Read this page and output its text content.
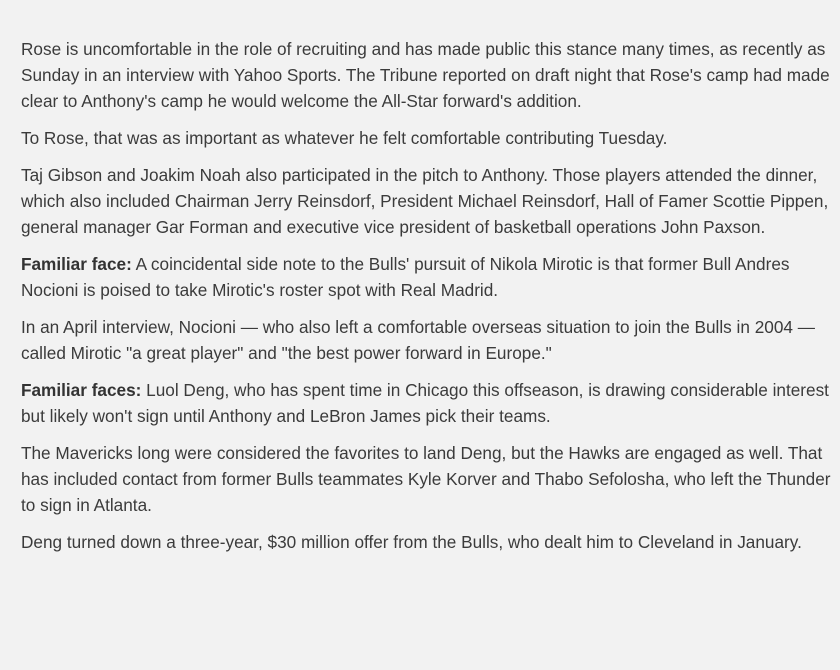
Rose is uncomfortable in the role of recruiting and has made public this stance many times, as recently as Sunday in an interview with Yahoo Sports. The Tribune reported on draft night that Rose's camp had made clear to Anthony's camp he would welcome the All-Star forward's addition.

To Rose, that was as important as whatever he felt comfortable contributing Tuesday.

Taj Gibson and Joakim Noah also participated in the pitch to Anthony. Those players attended the dinner, which also included Chairman Jerry Reinsdorf, President Michael Reinsdorf, Hall of Famer Scottie Pippen, general manager Gar Forman and executive vice president of basketball operations John Paxson.

Familiar face: A coincidental side note to the Bulls' pursuit of Nikola Mirotic is that former Bull Andres Nocioni is poised to take Mirotic's roster spot with Real Madrid.

In an April interview, Nocioni — who also left a comfortable overseas situation to join the Bulls in 2004 — called Mirotic "a great player" and "the best power forward in Europe."

Familiar faces: Luol Deng, who has spent time in Chicago this offseason, is drawing considerable interest but likely won't sign until Anthony and LeBron James pick their teams.

The Mavericks long were considered the favorites to land Deng, but the Hawks are engaged as well. That has included contact from former Bulls teammates Kyle Korver and Thabo Sefolosha, who left the Thunder to sign in Atlanta.

Deng turned down a three-year, $30 million offer from the Bulls, who dealt him to Cleveland in January.
